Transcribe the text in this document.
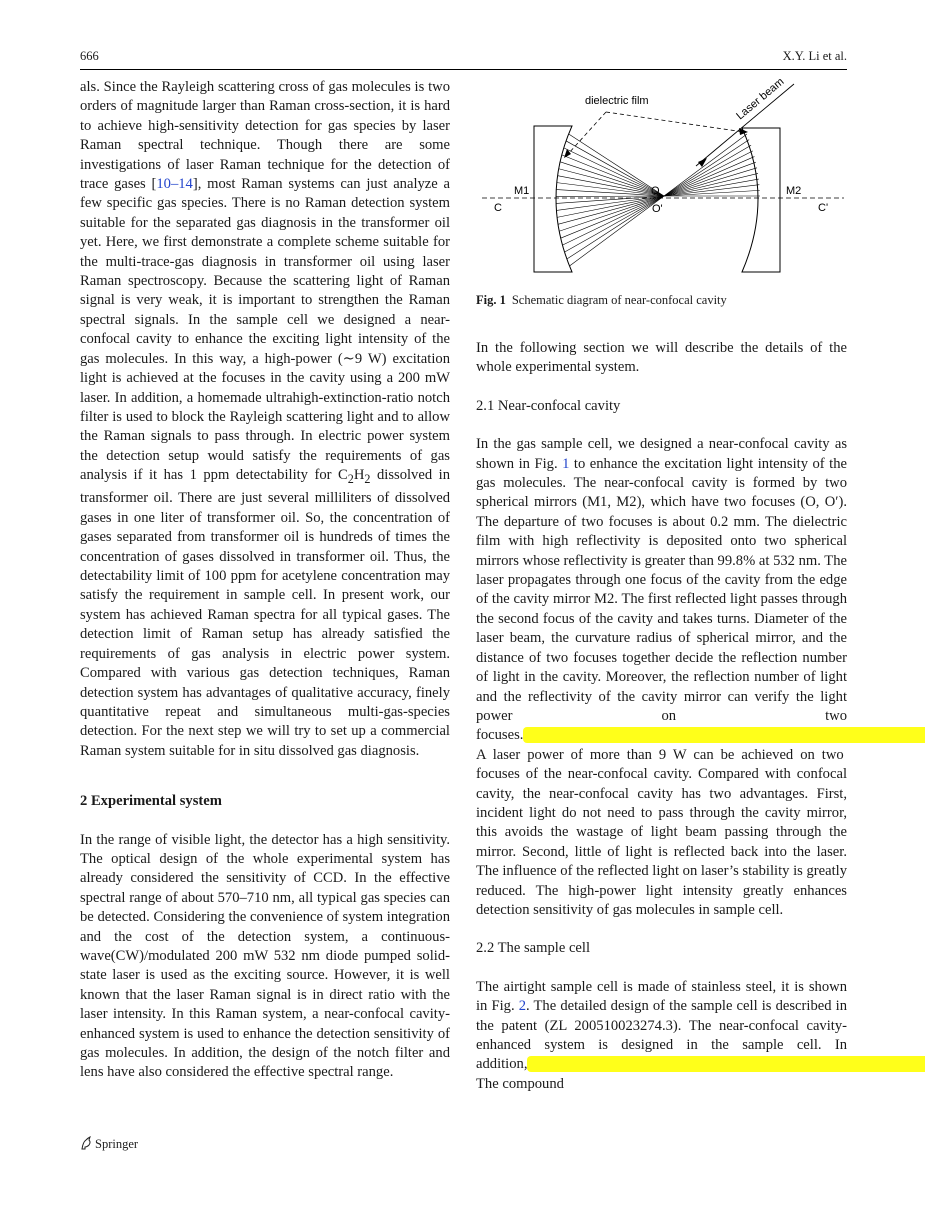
666	X.Y. Li et al.

als. Since the Rayleigh scattering cross of gas molecules is two orders of magnitude larger than Raman cross-section, it is hard to achieve high-sensitivity detection for gas species by laser Raman spectral technique. Though there are some investigations of laser Raman technique for the detection of trace gases [10–14], most Raman systems can just analyze a few specific gas species. There is no Raman detection system suitable for the separated gas diagnosis in the transformer oil yet. Here, we first demonstrate a complete scheme suitable for the multi-trace-gas diagnosis in transformer oil using laser Raman spectroscopy. Because the scattering light of Raman signal is very weak, it is important to strengthen the Raman spectral signals. In the sample cell we designed a near-confocal cavity to enhance the exciting light intensity of the gas molecules. In this way, a high-power (∼9 W) excitation light is achieved at the focuses in the cavity using a 200 mW laser. In addition, a homemade ultrahigh-extinction-ratio notch filter is used to block the Rayleigh scattering light and to allow the Raman signals to pass through. In electric power system the detection setup would satisfy the requirements of gas analysis if it has 1 ppm detectability for $C_2H_2$ dissolved in transformer oil. There are just several milliliters of dissolved gases in one liter of transformer oil. So, the concentration of gases separated from transformer oil is hundreds of times the concentration of gases dissolved in transformer oil. Thus, the detectability limit of 100 ppm for acetylene concentration may satisfy the requirement in sample cell. In present work, our system has achieved Raman spectra for all typical gases. The detection limit of Raman setup has already satisfied the requirements of gas analysis in electric power system. Compared with various gas detection techniques, Raman detection system has advantages of qualitative accuracy, finely quantitative repeat and simultaneous multi-gas-species detection. For the next step we will try to set up a commercial Raman system suitable for in situ dissolved gas diagnosis.

2 Experimental system

In the range of visible light, the detector has a high sensitivity. The optical design of the whole experimental system has already considered the sensitivity of CCD. In the effective spectral range of about 570–710 nm, all typical gas species can be detected. Considering the convenience of system integration and the cost of the detection system, a continuous-wave(CW)/modulated 200 mW 532 nm diode pumped solid-state laser is used as the exciting source. However, it is well known that the laser Raman signal is in direct ratio with the laser intensity. In this Raman system, a near-confocal cavity-enhanced system is used to enhance the detection sensitivity of gas molecules. In addition, the design of the notch filter and lens have also considered the effective spectral range.

dielectric film	Laser beam
M1	M2
O
O'
C	C'
Fig. 1 Schematic diagram of near-confocal cavity

In the following section we will describe the details of the whole experimental system.

2.1 Near-confocal cavity

In the gas sample cell, we designed a near-confocal cavity as shown in Fig. 1 to enhance the excitation light intensity of the gas molecules. The near-confocal cavity is formed by two spherical mirrors (M1, M2), which have two focuses (O, O′). The departure of two focuses is about 0.2 mm. The dielectric film with high reflectivity is deposited onto two spherical mirrors whose reflectivity is greater than 99.8% at 532 nm. The laser propagates through one focus of the cavity from the edge of the cavity mirror M2. The first reflected light passes through the second focus of the cavity and takes turns. Diameter of the laser beam, the curvature radius of spherical mirror, and the distance of two focuses together decide the reflection number of light in the cavity. Moreover, the reflection number of light and the reflectivity of the cavity mirror can verify the light power on two focuses.                                                                                                                                       A laser power of more than 9 W can be achieved on two focuses of the near-confocal cavity. Compared with confocal cavity, the near-confocal cavity has two advantages. First, incident light do not need to pass through the cavity mirror, this avoids the wastage of light beam passing through the mirror. Second, little of light is reflected back into the laser. The influence of the reflected light on laser’s stability is greatly reduced. The high-power light intensity greatly enhances detection sensitivity of gas molecules in sample cell.

2.2 The sample cell

The airtight sample cell is made of stainless steel, it is shown in Fig. 2. The detailed design of the sample cell is described in the patent (ZL 200510023274.3). The near-confocal cavity-enhanced system is designed in the sample cell. In addition,                                                                                                                               The compound

Springer
